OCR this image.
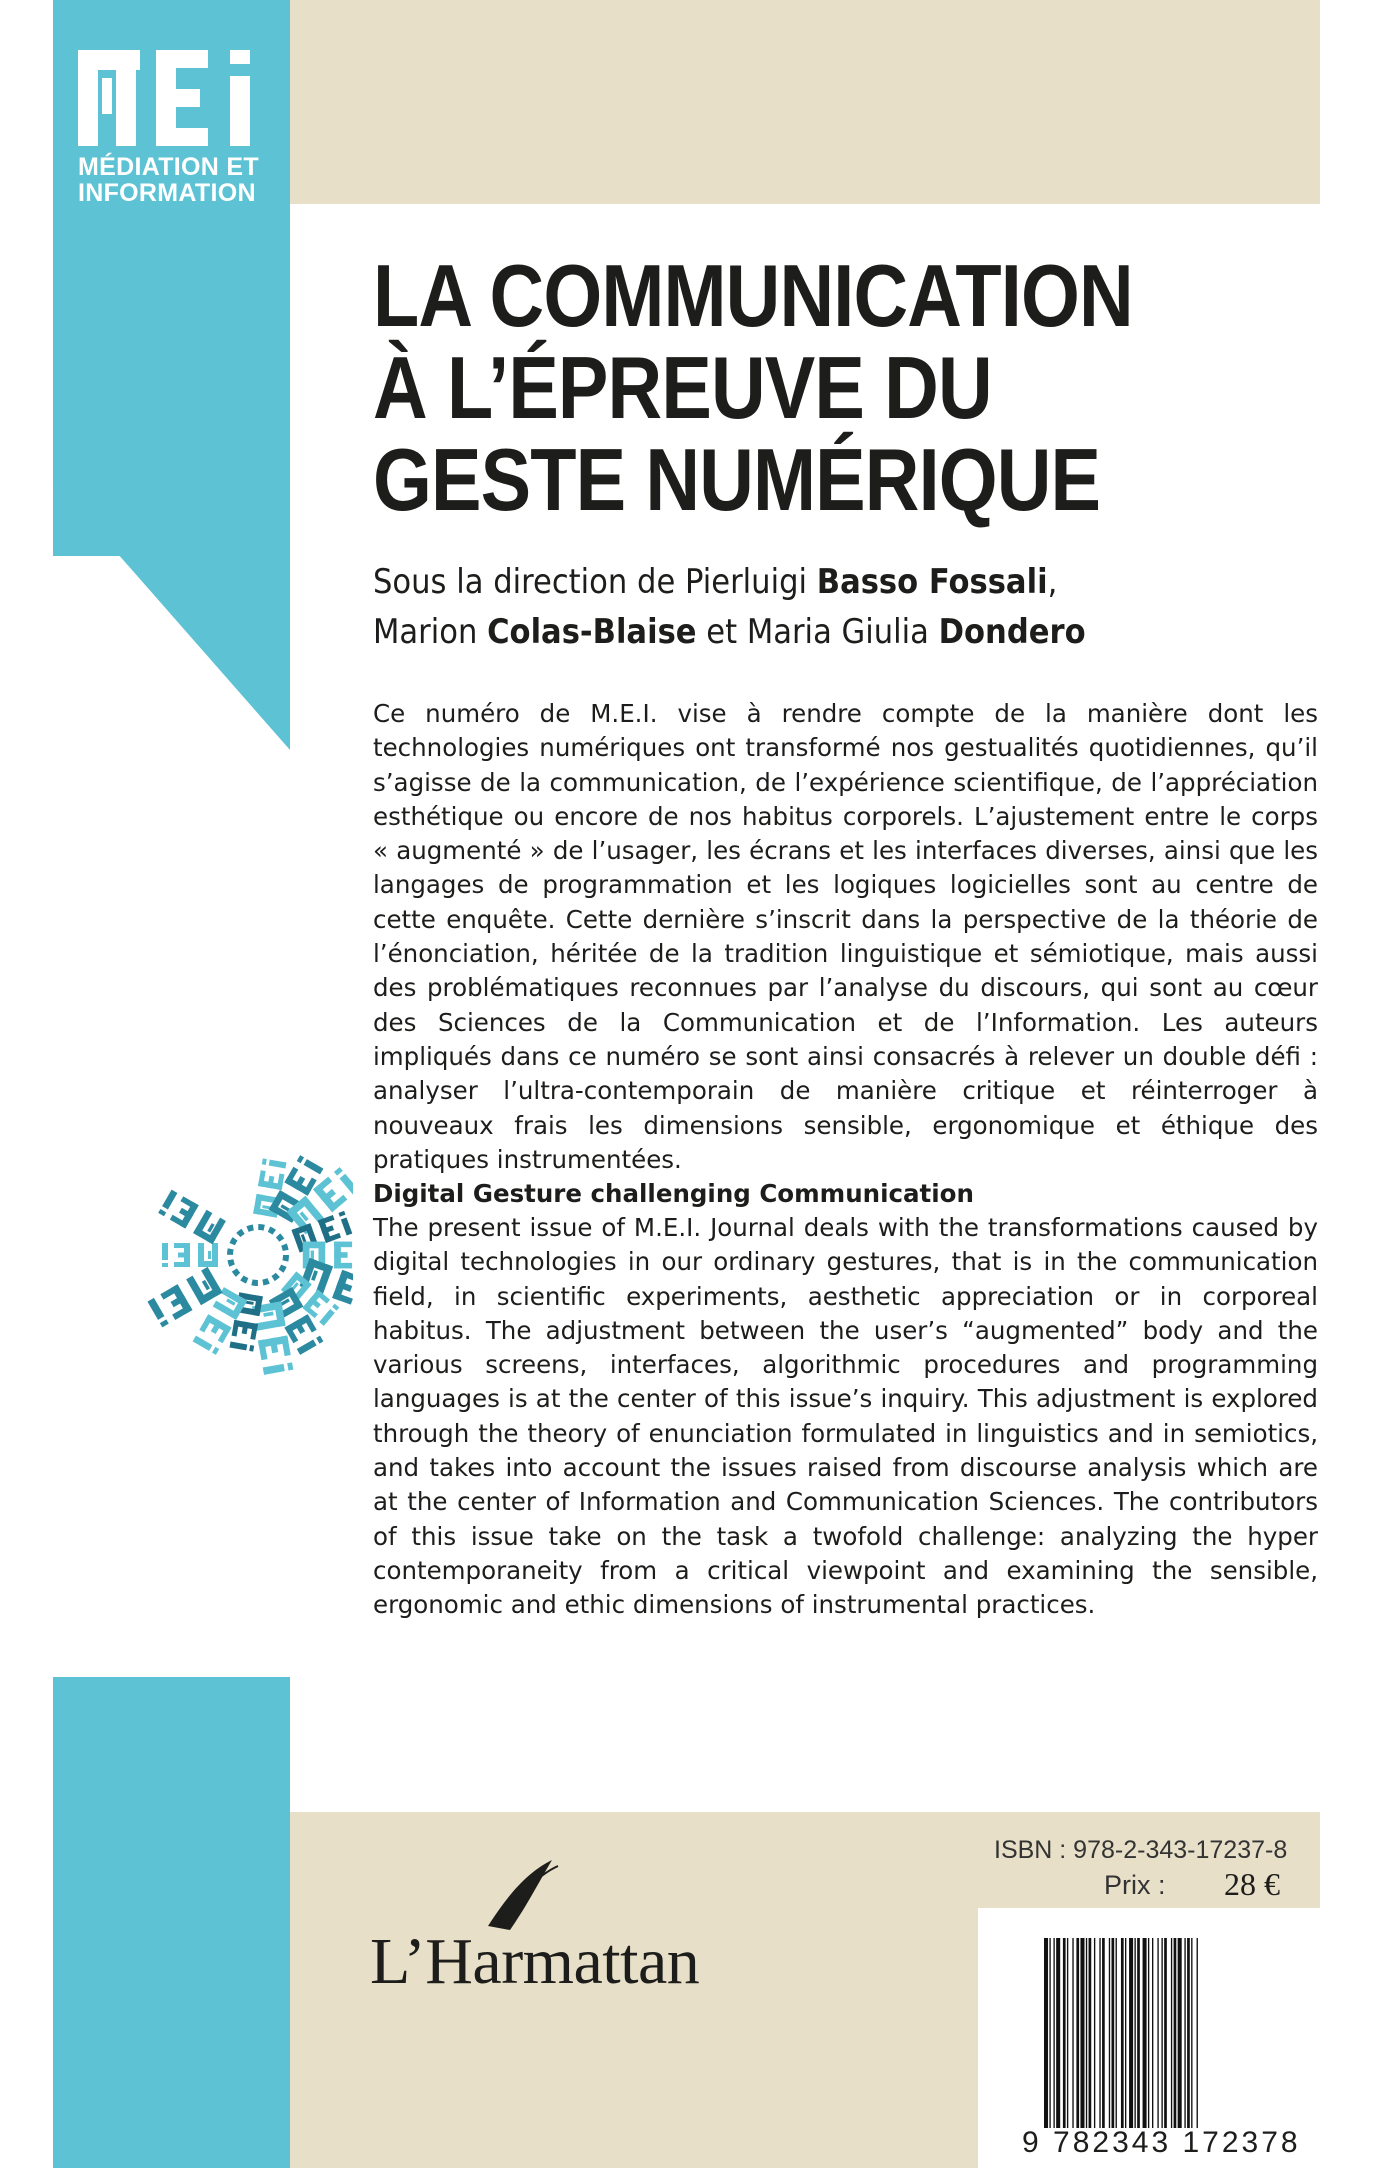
MÉDIATION ET
INFORMATION
LA COMMUNICATION
À L’ÉPREUVE DU
GESTE NUMÉRIQUE
Sous la direction de Pierluigi Basso Fossali,
Marion Colas-Blaise et Maria Giulia Dondero
Ce numéro de M.E.I. vise à rendre compte de la manière dont les technologies numériques ont transformé nos gestualités quotidiennes, qu’il s’agisse de la communication, de l’expérience scientifique, de l’appréciation esthétique ou encore de nos habitus corporels. L’ajustement entre le corps « augmenté » de l’usager, les écrans et les interfaces diverses, ainsi que les langages de programmation et les logiques logicielles sont au centre de cette enquête. Cette dernière s’inscrit dans la perspective de la théorie de l’énonciation, héritée de la tradition linguistique et sémiotique, mais aussi des problématiques reconnues par l’analyse du discours, qui sont au cœur des Sciences de la Communication et de l’Information. Les auteurs impliqués dans ce numéro se sont ainsi consacrés à relever un double défi : analyser l’ultra-contemporain de manière critique et réinterroger à nouveaux frais les dimensions sensible, ergonomique et éthique des pratiques instrumentées.
Digital Gesture challenging Communication
The present issue of M.E.I. Journal deals with the transformations caused by digital technologies in our ordinary gestures, that is in the communication field, in scientific experiments, aesthetic appreciation or in corporeal habitus. The adjustment between the user’s “augmented” body and the various screens, interfaces, algorithmic procedures and programming languages is at the center of this issue’s inquiry. This adjustment is explored through the theory of enunciation formulated in linguistics and in semiotics, and takes into account the issues raised from discourse analysis which are at the center of Information and Communication Sciences. The contributors of this issue take on the task a twofold challenge: analyzing the hyper contemporaneity from a critical viewpoint and examining the sensible, ergonomic and ethic dimensions of instrumental practices.
L’Harmattan
ISBN : 978-2-343-17237-8
Prix : 28 €
9 782343 172378
